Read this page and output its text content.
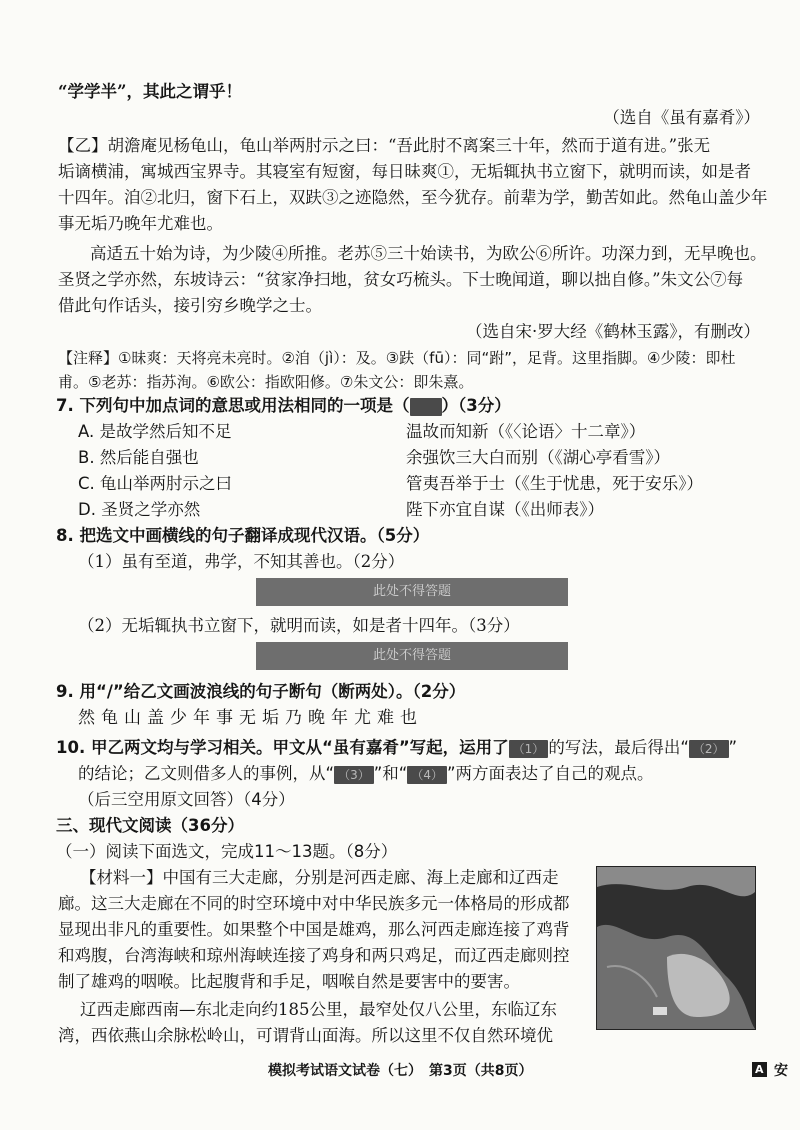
“学学半”，其此之谓乎！
（选自《虽有嘉肴》）
【乙】胡澹庵见杨龟山，龟山举两肘示之曰：“吾此肘不离案三十年，然而于道有进。”张无
垢谪横浦，寓城西宝界寺。其寝室有短窗，每日昧爽①，无垢辄执书立窗下，就明而读，如是者
十四年。洎②北归，窗下石上，双趺③之迹隐然，至今犹存。前辈为学，勤苦如此。然龟山盖少年
事无垢乃晚年尤难也。
高适五十始为诗，为少陵④所推。老苏⑤三十始读书，为欧公⑥所许。功深力到，无早晚也。
圣贤之学亦然，东坡诗云：“贫家净扫地，贫女巧梳头。下士晚闻道，聊以拙自修。”朱文公⑦每
借此句作话头，接引穷乡晚学之士。
（选自宋·罗大经《鹤林玉露》，有删改）
【注释】①昧爽：天将亮未亮时。②洎（jì）：及。③趺（fū）：同“跗”，足背。这里指脚。④少陵：即杜
甫。⑤老苏：指苏洵。⑥欧公：指欧阳修。⑦朱文公：即朱熹。
7. 下列句中加点词的意思或用法相同的一项是（　　 ）（3分）
A. 是故学然后知不足	温故而知新（《〈论语〉十二章》）
B. 然后能自强也	余强饮三大白而别（《湖心亭看雪》）
C. 龟山举两肘示之曰	管夷吾举于士（《生于忧患，死于安乐》）
D. 圣贤之学亦然	陛下亦宜自谋（《出师表》）
8. 把选文中画横线的句子翻译成现代汉语。（5分）
（1）虽有至道，弗学，不知其善也。（2分）
此处不得答题
（2）无垢辄执书立窗下，就明而读，如是者十四年。（3分）
此处不得答题
9. 用“/”给乙文画波浪线的句子断句（断两处）。（2分）
然龟山盖少年事无垢乃晚年尤难也
10. 甲乙两文均与学习相关。甲文从“虽有嘉肴”写起，运用了 （1） 的写法，最后得出“ （2） ”
的结论；乙文则借多人的事例，从“ （3） ”和“ （4） ”两方面表达了自己的观点。
（后三空用原文回答）（4分）
三、现代文阅读（36分）
（一）阅读下面选文，完成11～13题。（8分）
【材料一】中国有三大走廊，分别是河西走廊、海上走廊和辽西走
廊。这三大走廊在不同的时空环境中对中华民族多元一体格局的形成都
显现出非凡的重要性。如果整个中国是雄鸡，那么河西走廊连接了鸡背
和鸡腹，台湾海峡和琼州海峡连接了鸡身和两只鸡足，而辽西走廊则控
制了雄鸡的咽喉。比起腹背和手足，咽喉自然是要害中的要害。
辽西走廊西南—东北走向约185公里，最窄处仅八公里，东临辽东
湾，西依燕山余脉松岭山，可谓背山面海。所以这里不仅自然环境优
模拟考试语文试卷（七）　第3页（共8页）	A 安
